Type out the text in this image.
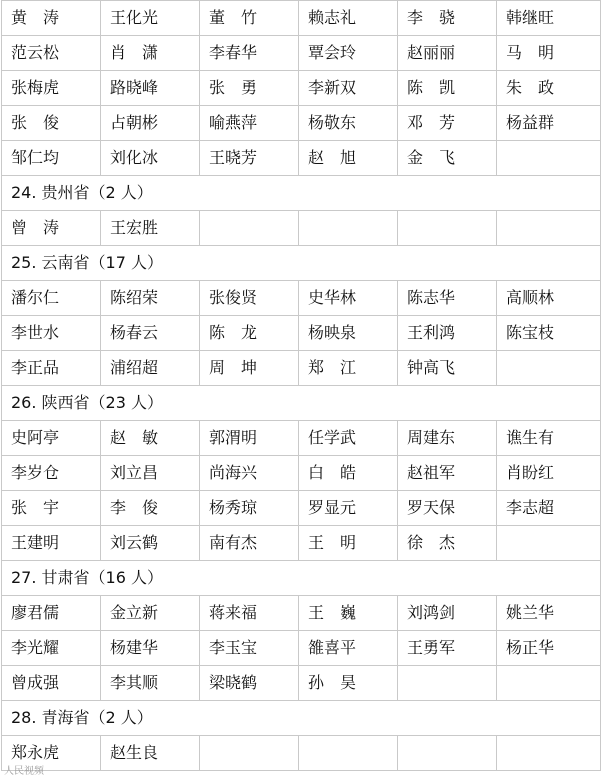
黄　涛	王化光	董　竹	赖志礼	李　骁	韩继旺
范云松	肖　潇	李春华	覃会玲	赵丽丽	马　明
张梅虎	路晓峰	张　勇	李新双	陈　凯	朱　政
张　俊	占朝彬	喻燕萍	杨敬东	邓　芳	杨益群
邹仁均	刘化冰	王晓芳	赵　旭	金　飞	
24. 贵州省（2 人）					
曾　涛	王宏胜				
25. 云南省（17 人）					
潘尔仁	陈绍荣	张俊贤	史华林	陈志华	高顺林
李世水	杨春云	陈　龙	杨映泉	王利鸿	陈宝枝
李正品	浦绍超	周　坤	郑　江	钟高飞	
26. 陕西省（23 人）					
史阿亭	赵　敏	郭渭明	任学武	周建东	谯生有
李岁仓	刘立昌	尚海兴	白　皓	赵祖军	肖盼红
张　宇	李　俊	杨秀琼	罗显元	罗天保	李志超
王建明	刘云鹤	南有杰	王　明	徐　杰	
27. 甘肃省（16 人）					
廖君儒	金立新	蒋来福	王　巍	刘鸿剑	姚兰华
李光耀	杨建华	李玉宝	雒喜平	王勇军	杨正华
曾成强	李其顺	梁晓鹤	孙　昊		
28. 青海省（2 人）					
郑永虎	赵生良				
人民视频
